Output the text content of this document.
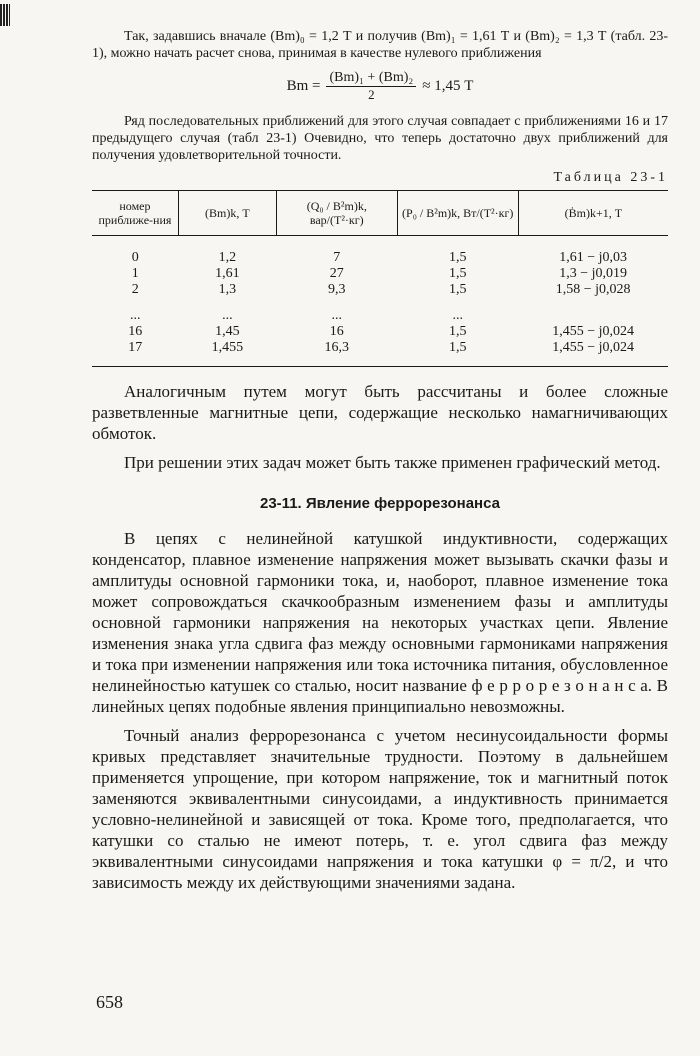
Так, задавшись вначале (Bm)₀ = 1,2 Т и получив (Bm)₁ = 1,61 Т и (Bm)₂ = 1,3 Т (табл. 23-1), можно начать расчет снова, принимая в качестве нулевого приближения

$Bm = \frac{\text{(Bm)₁ + (Bm)₂}}{2} \approx 1,45$ Т

Ряд последовательных приближений для этого случая совпадает с приближениями 16 и 17 предыдущего случая (табл 23-1) Очевидно, что теперь достаточно двух приближений для получения удовлетворительной точности.

Таблица 23-1
номер приближе-ния	(Bm)k, Т	(Q₀ / B²m)k, вар/(Т²·кг)	(P₀ / B²m)k, Вт/(Т²·кг)	(Ḃm)k+1, Т
0	1,2	7	1,5	1,61 − j0,03
1	1,61	27	1,5	1,3 − j0,019
2	1,3	9,3	1,5	1,58 − j0,028
...	...	...	...	
16	1,45	16	1,5	1,455 − j0,024
17	1,455	16,3	1,5	1,455 − j0,024

Аналогичным путем могут быть рассчитаны и более сложные разветвленные магнитные цепи, содержащие несколько намагничивающих обмоток.

При решении этих задач может быть также применен графический метод.

23-11. Явление феррорезонанса

В цепях с нелинейной катушкой индуктивности, содержащих конденсатор, плавное изменение напряжения может вызывать скачки фазы и амплитуды основной гармоники тока, и, наоборот, плавное изменение тока может сопровождаться скачкообразным изменением фазы и амплитуды основной гармоники напряжения на некоторых участках цепи. Явление изменения знака угла сдвига фаз между основными гармониками напряжения и тока при изменении напряжения или тока источника питания, обусловленное нелинейностью катушек со сталью, носит название ф е р р о р е з о н а н с а. В линейных цепях подобные явления принципиально невозможны.

Точный анализ феррорезонанса с учетом несинусоидальности формы кривых представляет значительные трудности. Поэтому в дальнейшем применяется упрощение, при котором напряжение, ток и магнитный поток заменяются эквивалентными синусоидами, а индуктивность принимается условно-нелинейной и зависящей от тока. Кроме того, предполагается, что катушки со сталью не имеют потерь, т. е. угол сдвига фаз между эквивалентными синусоидами напряжения и тока катушки φ = π/2, и что зависимость между их действующими значениями задана.

658
